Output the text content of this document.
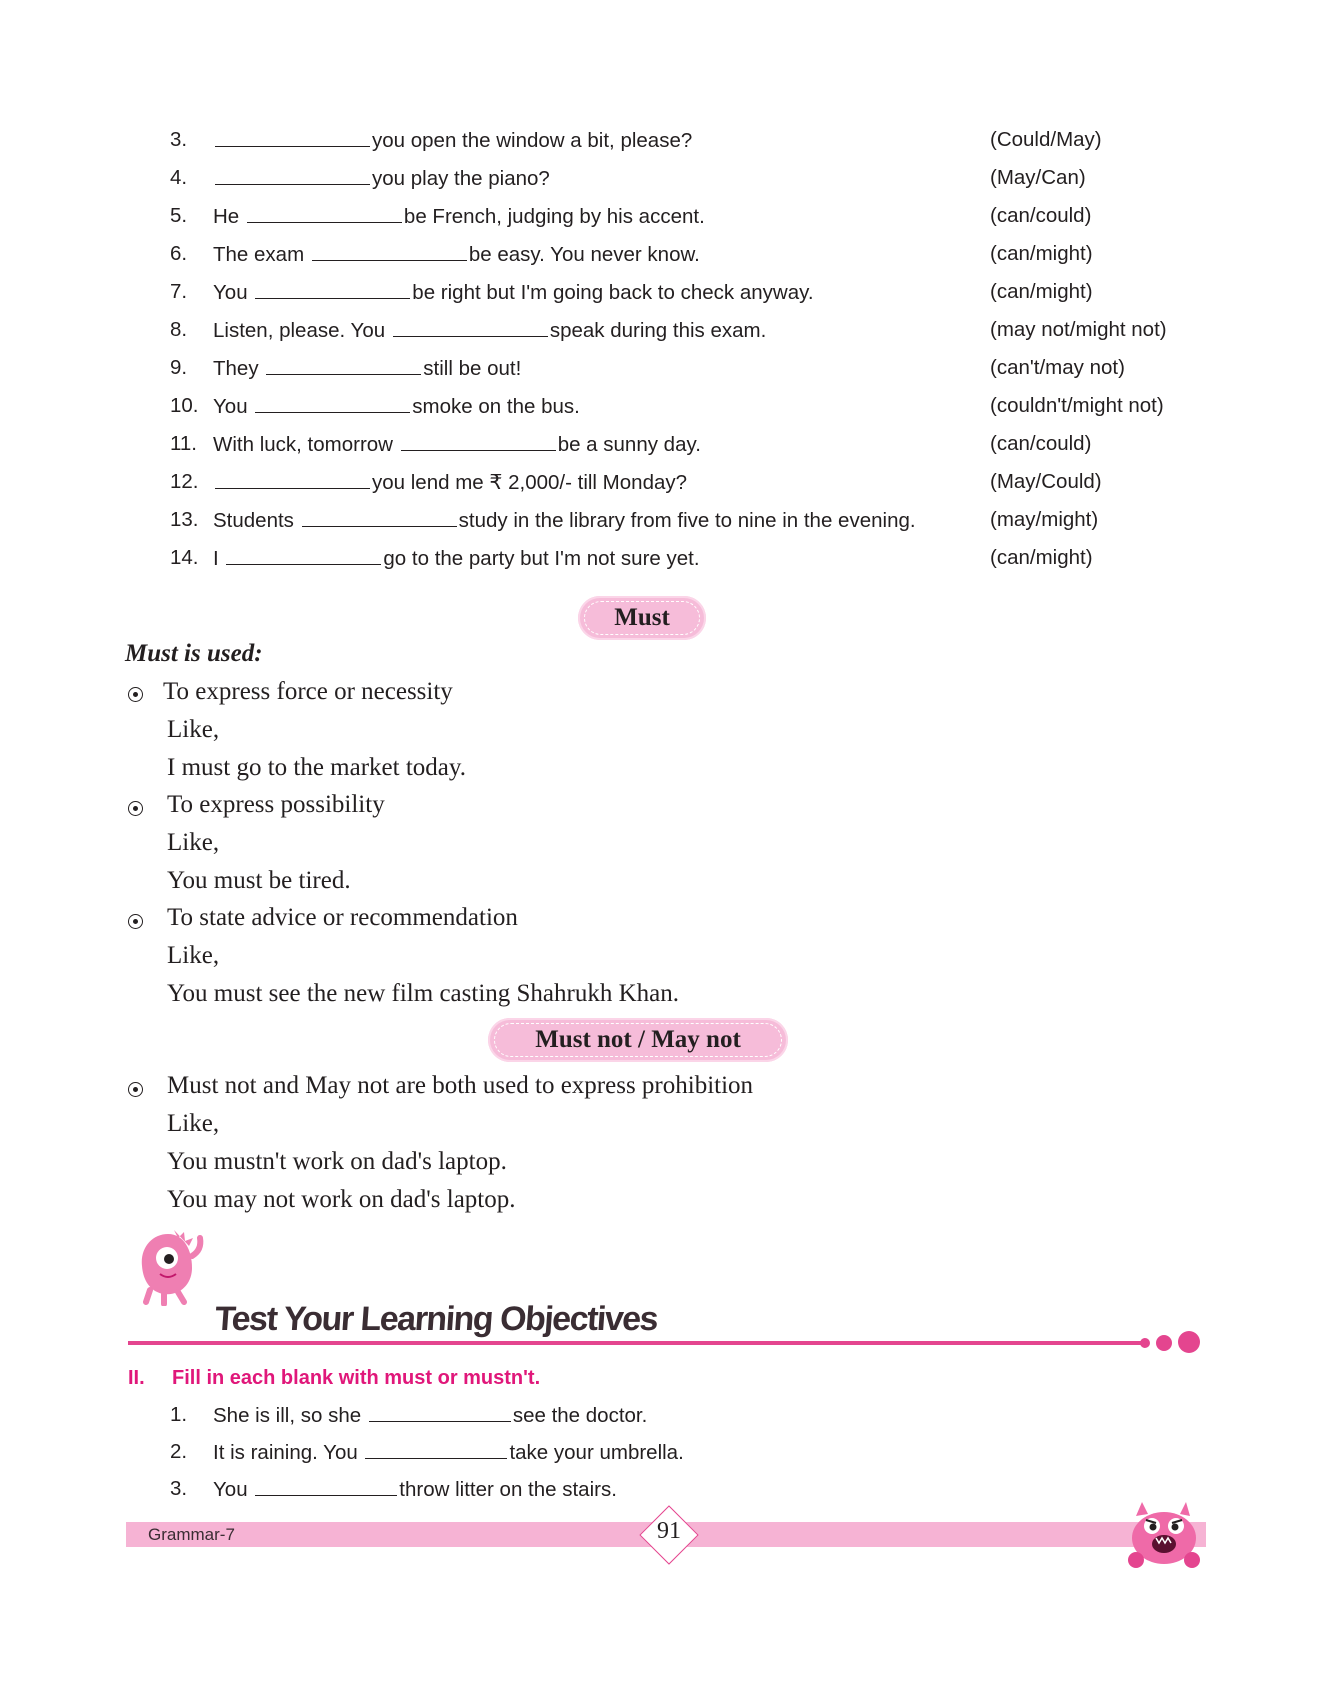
3.	you open the window a bit, please?	(Could/May)
4.	you play the piano?	(May/Can)
5. He	be French, judging by his accent.	(can/could)
6. The exam	be easy. You never know.	(can/might)
7. You	be right but I'm going back to check anyway.	(can/might)
8. Listen, please. You	speak during this exam.	(may not/might not)
9. They	still be out!	(can't/may not)
10. You	smoke on the bus.	(couldn't/might not)
11. With luck, tomorrow	be a sunny day.	(can/could)
12.	you lend me ₹ 2,000/- till Monday?	(May/Could)
13. Students	study in the library from five to nine in the evening.	(may/might)
14. I	go to the party but I'm not sure yet.	(can/might)
Must
Must is used:
To express force or necessity
Like,
I must go to the market today.
To express possibility
Like,
You must be tired.
To state advice or recommendation
Like,
You must see the new film casting Shahrukh Khan.
Must not / May not
Must not and May not are both used to express prohibition
Like,
You mustn't work on dad's laptop.
You may not work on dad's laptop.
Test Your Learning Objectives
II. Fill in each blank with must or mustn't.
1. She is ill, so she	see the doctor.
2. It is raining. You	take your umbrella.
3. You	throw litter on the stairs.
Grammar-7	91
